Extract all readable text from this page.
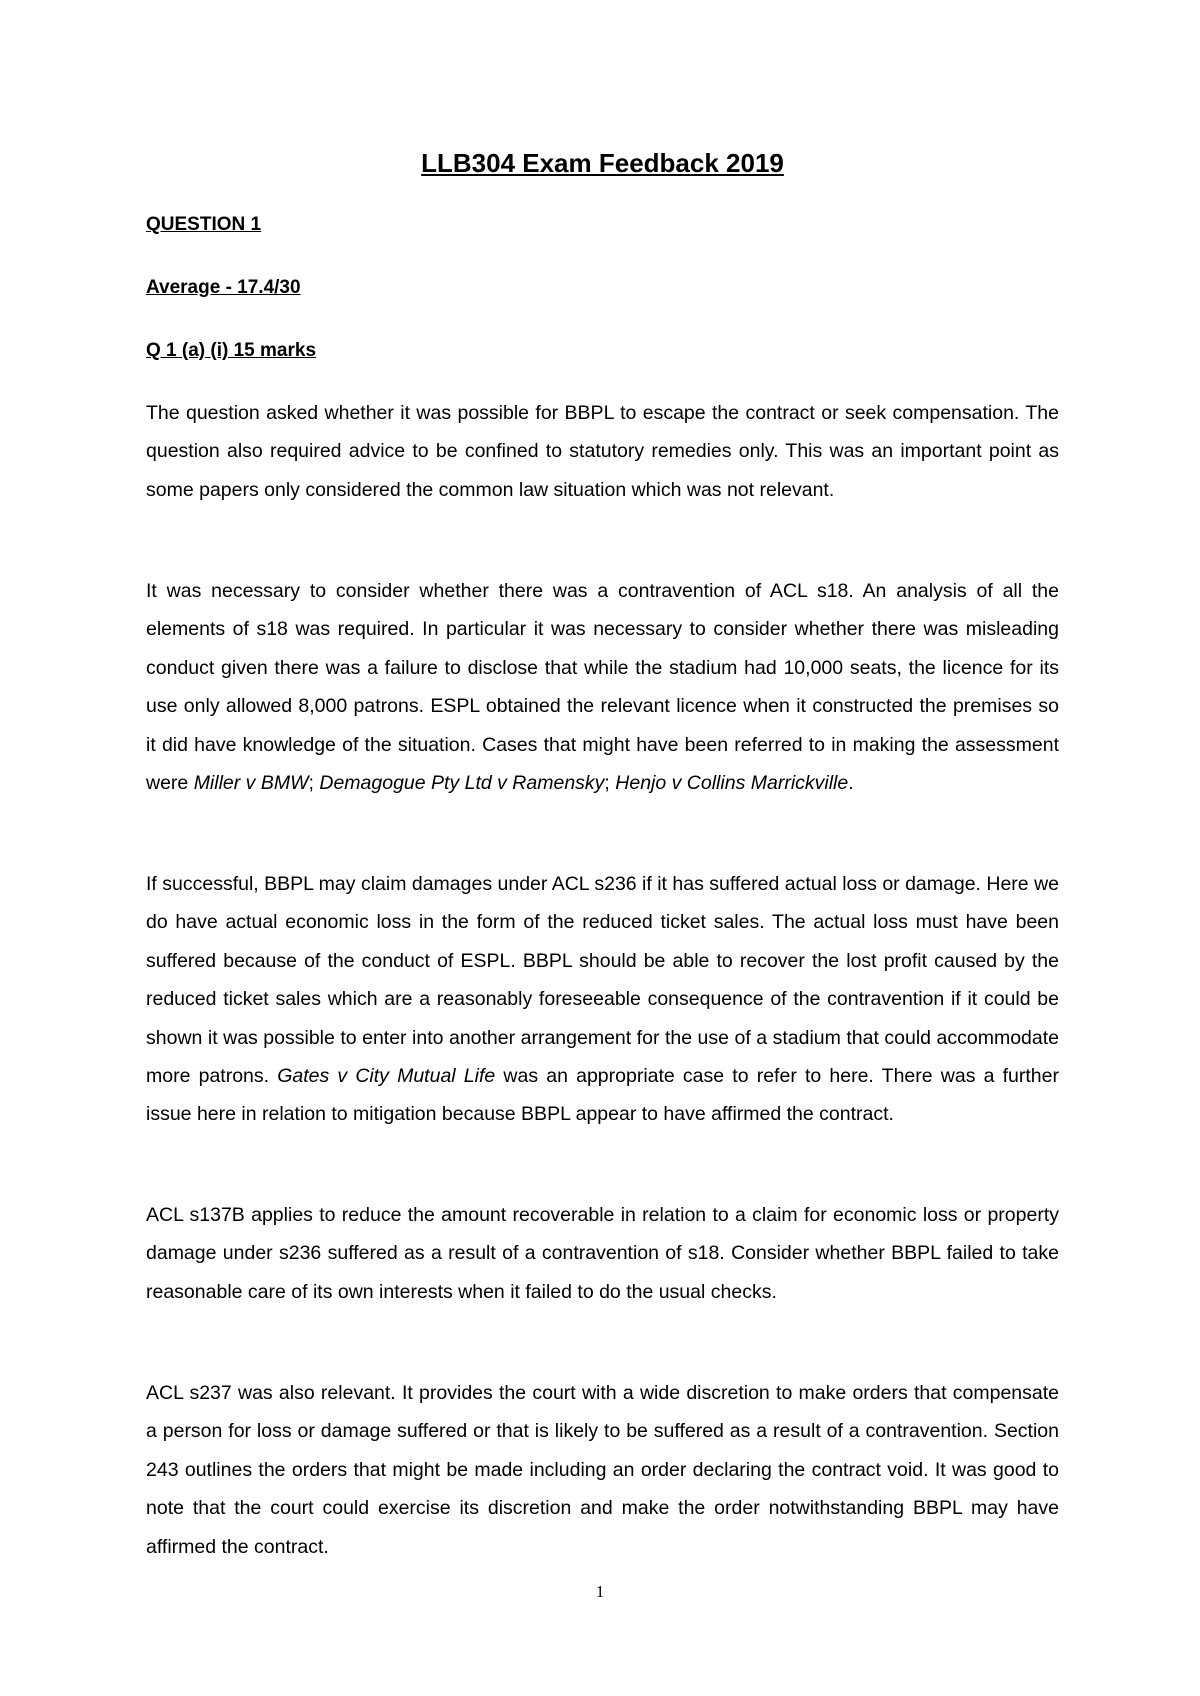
LLB304 Exam Feedback 2019
QUESTION 1
Average - 17.4/30
Q 1 (a) (i) 15 marks

The question asked whether it was possible for BBPL to escape the contract or seek compensation. The question also required advice to be confined to statutory remedies only. This was an important point as some papers only considered the common law situation which was not relevant.

It was necessary to consider whether there was a contravention of ACL s18. An analysis of all the elements of s18 was required. In particular it was necessary to consider whether there was misleading conduct given there was a failure to disclose that while the stadium had 10,000 seats, the licence for its use only allowed 8,000 patrons. ESPL obtained the relevant licence when it constructed the premises so it did have knowledge of the situation. Cases that might have been referred to in making the assessment were Miller v BMW; Demagogue Pty Ltd v Ramensky; Henjo v Collins Marrickville.

If successful, BBPL may claim damages under ACL s236 if it has suffered actual loss or damage. Here we do have actual economic loss in the form of the reduced ticket sales. The actual loss must have been suffered because of the conduct of ESPL. BBPL should be able to recover the lost profit caused by the reduced ticket sales which are a reasonably foreseeable consequence of the contravention if it could be shown it was possible to enter into another arrangement for the use of a stadium that could accommodate more patrons. Gates v City Mutual Life was an appropriate case to refer to here. There was a further issue here in relation to mitigation because BBPL appear to have affirmed the contract.

ACL s137B applies to reduce the amount recoverable in relation to a claim for economic loss or property damage under s236 suffered as a result of a contravention of s18. Consider whether BBPL failed to take reasonable care of its own interests when it failed to do the usual checks.

ACL s237 was also relevant. It provides the court with a wide discretion to make orders that compensate a person for loss or damage suffered or that is likely to be suffered as a result of a contravention. Section 243 outlines the orders that might be made including an order declaring the contract void. It was good to note that the court could exercise its discretion and make the order notwithstanding BBPL may have affirmed the contract.

1
